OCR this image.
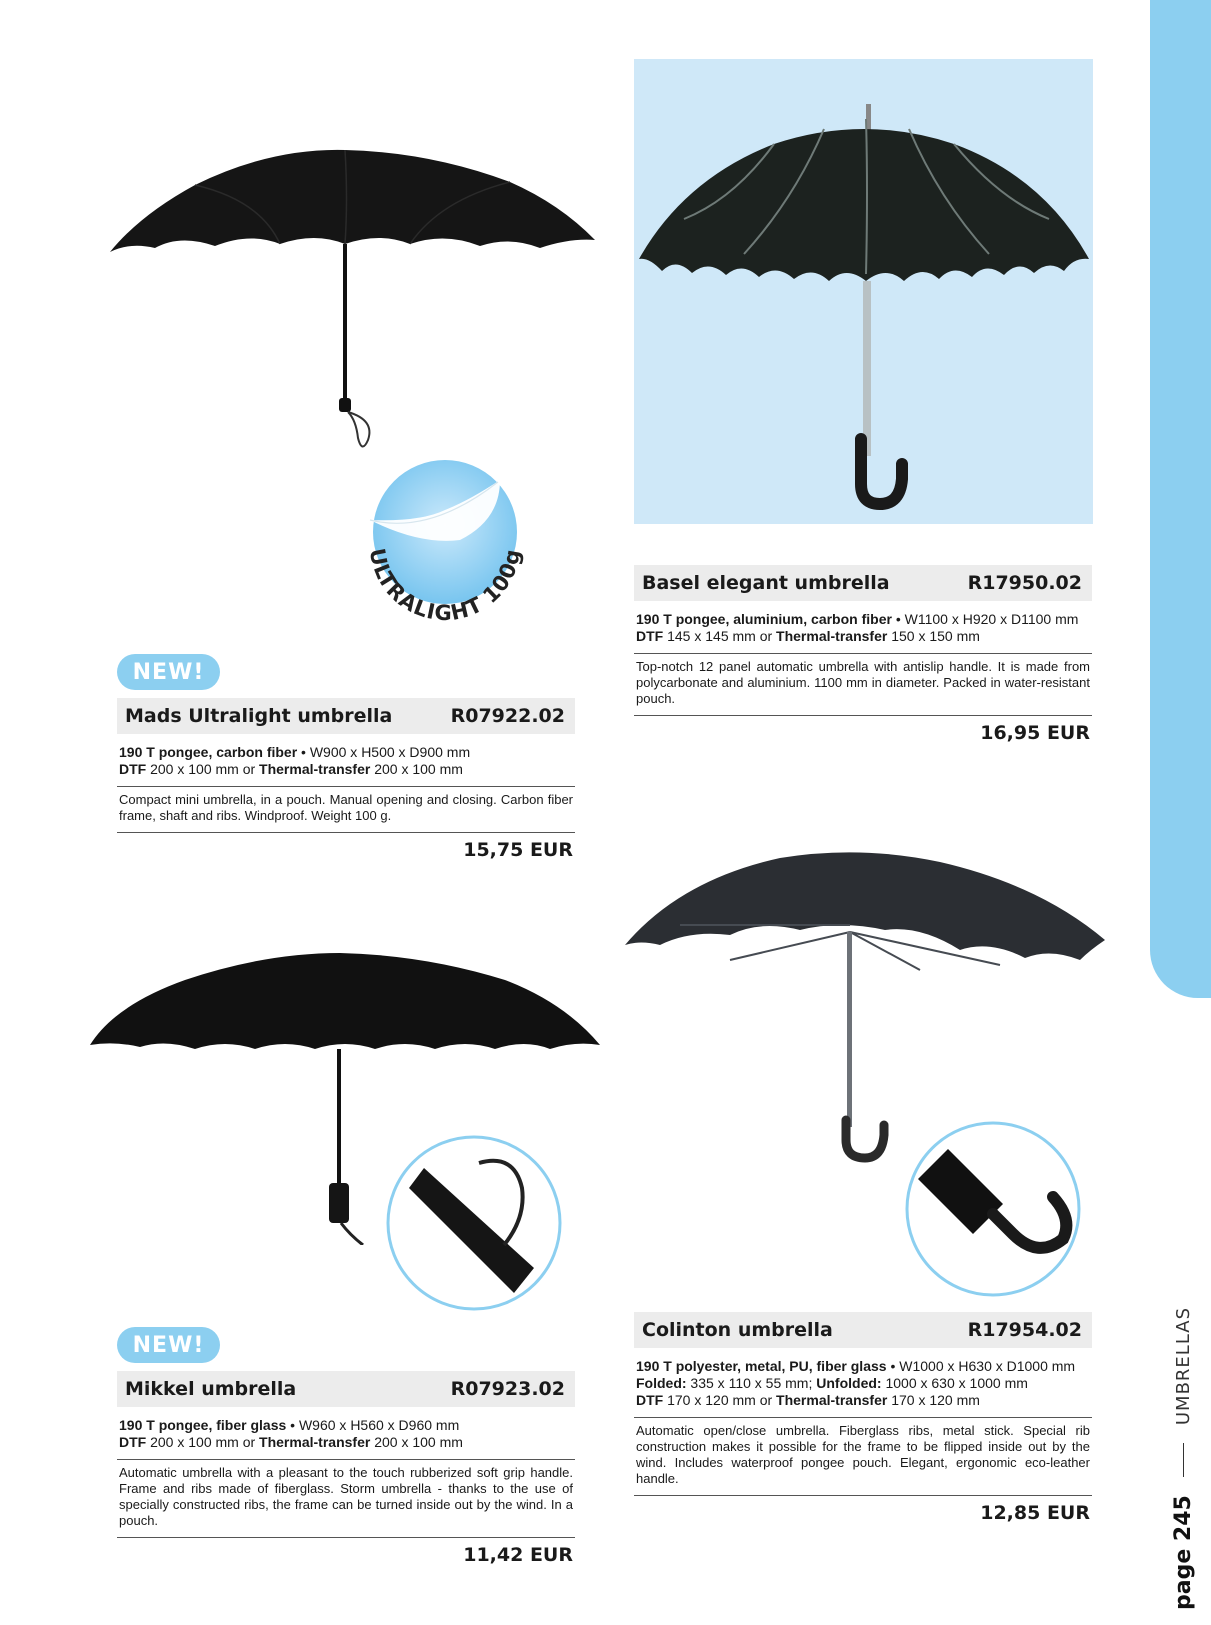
page 245
UMBRELLAS
ULTRALIGHT 100g
NEW!
Mads Ultralight umbrella	R07922.02
190 T pongee, carbon fiber • W900 x H500 x D900 mm
DTF 200 x 100 mm or Thermal-transfer 200 x 100 mm
Compact mini umbrella, in a pouch. Manual opening and closing. Carbon fiber frame, shaft and ribs. Windproof. Weight 100 g.
15,75 EUR
Basel elegant umbrella	R17950.02
190 T pongee, aluminium, carbon fiber • W1100 x H920 x D1100 mm
DTF 145 x 145 mm or Thermal-transfer 150 x 150 mm
Top-notch 12 panel automatic umbrella with antislip handle. It is made from polycarbonate and aluminium. 1100 mm in diameter. Packed in water-resistant pouch.
16,95 EUR
NEW!
Mikkel umbrella	R07923.02
190 T pongee, fiber glass • W960 x H560 x D960 mm
DTF 200 x 100 mm or Thermal-transfer 200 x 100 mm
Automatic umbrella with a pleasant to the touch rubberized soft grip handle. Frame and ribs made of fiberglass. Storm umbrella - thanks to the use of specially constructed ribs, the frame can be turned inside out by the wind. In a pouch.
11,42 EUR
Colinton umbrella	R17954.02
190 T polyester, metal, PU, fiber glass • W1000 x H630 x D1000 mm
Folded: 335 x 110 x 55 mm; Unfolded: 1000 x 630 x 1000 mm
DTF 170 x 120 mm or Thermal-transfer 170 x 120 mm
Automatic open/close umbrella. Fiberglass ribs, metal stick. Special rib construction makes it possible for the frame to be flipped inside out by the wind. Includes waterproof pongee pouch. Elegant, ergonomic eco-leather handle.
12,85 EUR
